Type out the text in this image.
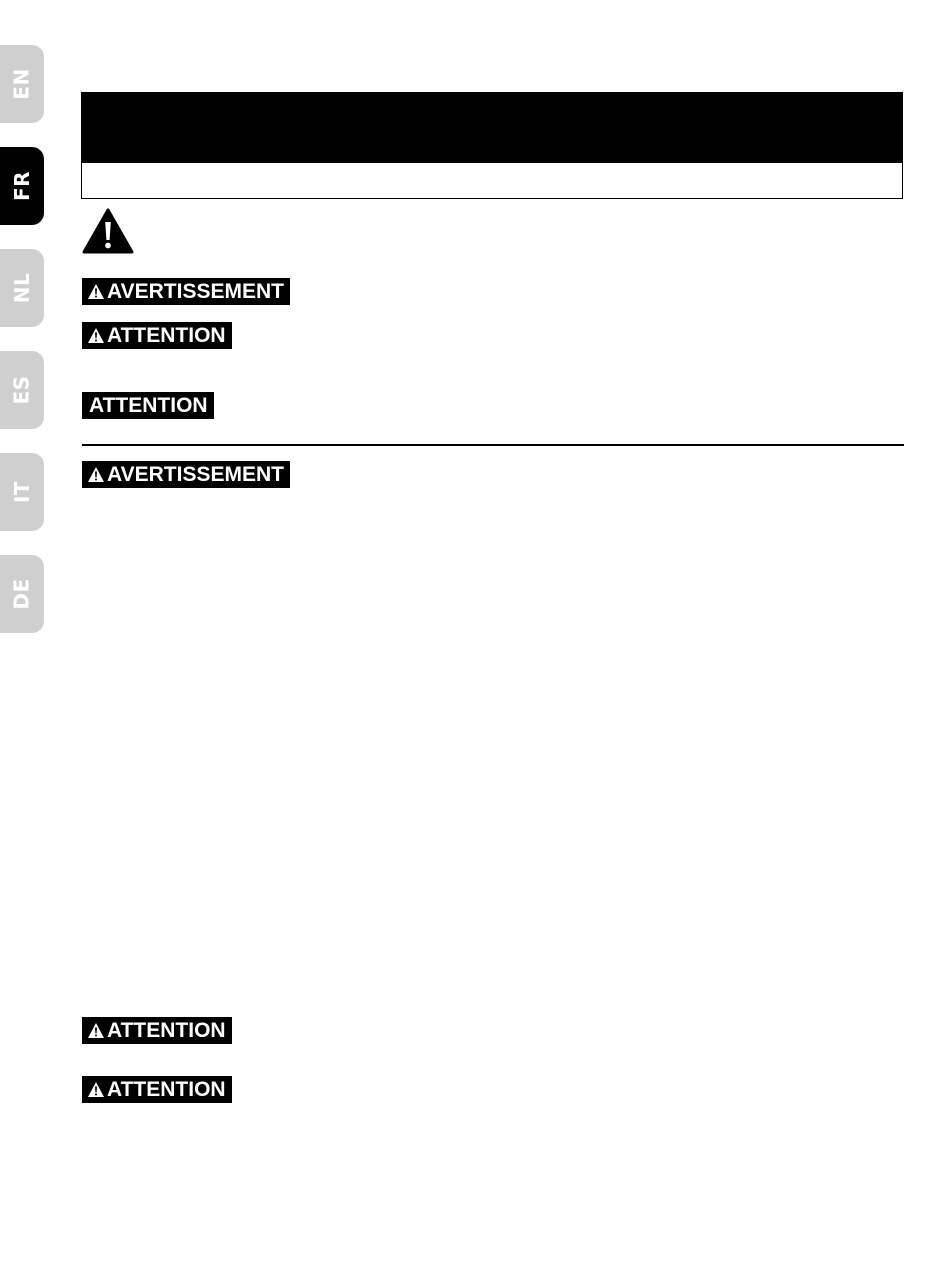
EN
FR
NL
ES
IT
DE
AVERTISSEMENT
ATTENTION
ATTENTION
AVERTISSEMENT
ATTENTION
ATTENTION
